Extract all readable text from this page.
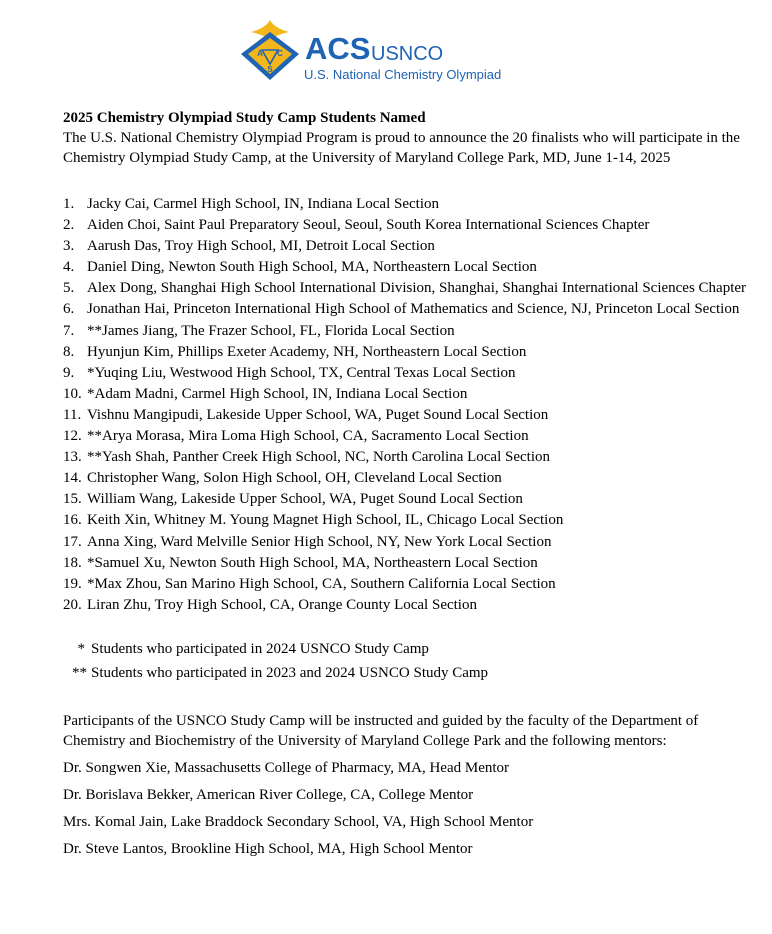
A C
S
ACS USNCO
U.S. National Chemistry Olympiad

2025 Chemistry Olympiad Study Camp Students Named

The U.S. National Chemistry Olympiad Program is proud to announce the 20 finalists who will participate in the Chemistry Olympiad Study Camp, at the University of Maryland College Park, MD, June 1-14, 2025

1. Jacky Cai, Carmel High School, IN, Indiana Local Section
2. Aiden Choi, Saint Paul Preparatory Seoul, Seoul, South Korea International Sciences Chapter
3. Aarush Das, Troy High School, MI, Detroit Local Section
4. Daniel Ding, Newton South High School, MA, Northeastern Local Section
5. Alex Dong, Shanghai High School International Division, Shanghai, Shanghai International Sciences Chapter
6. Jonathan Hai, Princeton International High School of Mathematics and Science, NJ, Princeton Local Section
7. **James Jiang, The Frazer School, FL, Florida Local Section
8. Hyunjun Kim, Phillips Exeter Academy, NH, Northeastern Local Section
9. *Yuqing Liu, Westwood High School, TX, Central Texas Local Section
10. *Adam Madni, Carmel High School, IN, Indiana Local Section
11. Vishnu Mangipudi, Lakeside Upper School, WA, Puget Sound Local Section
12. **Arya Morasa, Mira Loma High School, CA, Sacramento Local Section
13. **Yash Shah, Panther Creek High School, NC, North Carolina Local Section
14. Christopher Wang, Solon High School, OH, Cleveland Local Section
15. William Wang, Lakeside Upper School, WA, Puget Sound Local Section
16. Keith Xin, Whitney M. Young Magnet High School, IL, Chicago Local Section
17. Anna Xing, Ward Melville Senior High School, NY, New York Local Section
18. *Samuel Xu, Newton South High School, MA, Northeastern Local Section
19. *Max Zhou, San Marino High School, CA, Southern California Local Section
20. Liran Zhu, Troy High School, CA, Orange County Local Section
* Students who participated in 2024 USNCO Study Camp
** Students who participated in 2023 and 2024 USNCO Study Camp

Participants of the USNCO Study Camp will be instructed and guided by the faculty of the Department of Chemistry and Biochemistry of the University of Maryland College Park and the following mentors:

Dr. Songwen Xie, Massachusetts College of Pharmacy, MA, Head Mentor
Dr. Borislava Bekker, American River College, CA, College Mentor
Mrs. Komal Jain, Lake Braddock Secondary School, VA, High School Mentor
Dr. Steve Lantos, Brookline High School, MA, High School Mentor
